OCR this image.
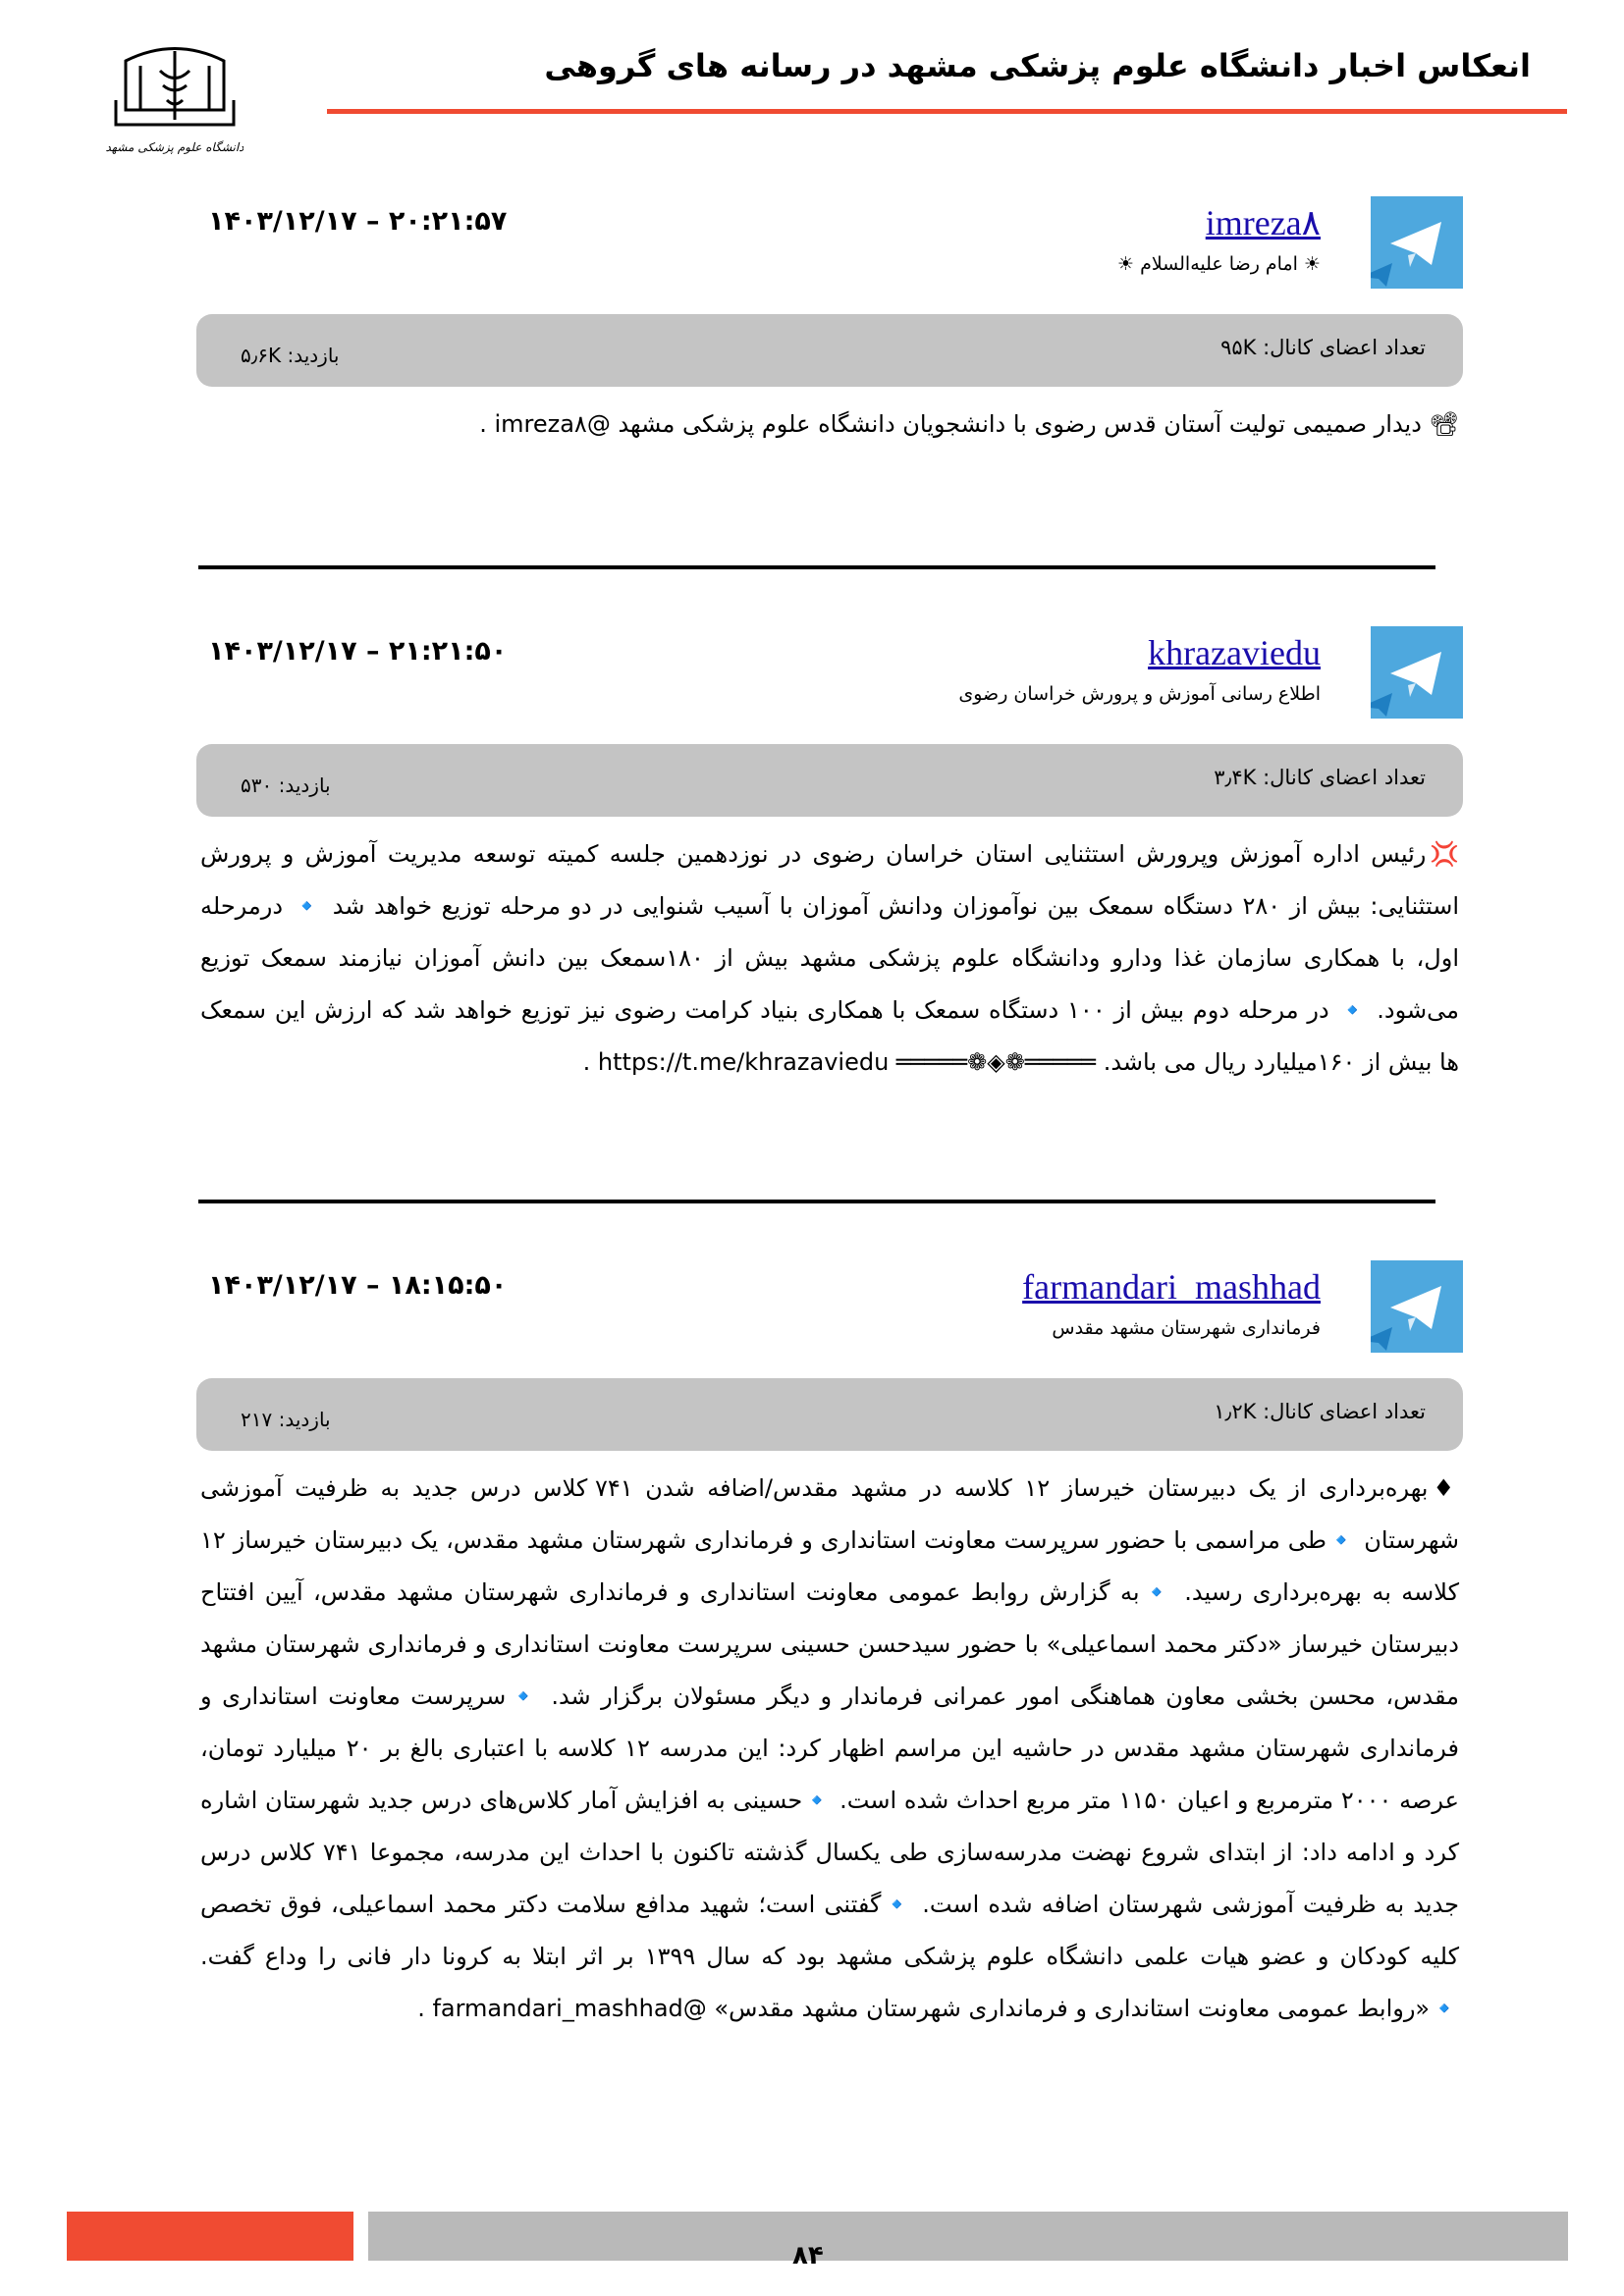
دانشگاه علوم پزشکی مشهد
انعکاس اخبار دانشگاه علوم پزشکی مشهد در رسانه های گروهی
imreza۸
☀ امام رضا علیه‌السلام ☀
۱۴۰۳/۱۲/۱۷ – ۲۰:۲۱:۵۷
تعداد اعضای کانال: ۹۵K
بازدید: ۵٫۶K
📽 دیدار صمیمی تولیت آستان قدس رضوی با دانشجویان دانشگاه علوم پزشکی مشهد @imreza۸ .
khrazaviedu
اطلاع رسانی آموزش و پرورش خراسان رضوی
۱۴۰۳/۱۲/۱۷ – ۲۱:۲۱:۵۰
تعداد اعضای کانال: ۳٫۴K
بازدید: ۵۳۰
💢رئیس اداره آموزش وپرورش استثنایی استان خراسان رضوی در نوزدهمین جلسه کمیته توسعه مدیریت آموزش و پرورش استثنایی: بیش از ۲۸۰ دستگاه سمعک بین نوآموزان ودانش آموزان با آسیب شنوایی در دو مرحله توزیع خواهد شد 🔹 درمرحله اول، با همکاری سازمان غذا ودارو ودانشگاه علوم پزشکی مشهد بیش از ۱۸۰سمعک بین دانش آموزان نیازمند سمعک توزیع می‌شود. 🔹 در مرحله دوم بیش از ۱۰۰ دستگاه سمعک با همکاری بنیاد کرامت رضوی نیز توزیع خواهد شد که ارزش این سمعک ها بیش از ۱۶۰میلیارد ریال می باشد. ═════❁◈❁═════ https://t.me/khrazaviedu .
farmandari_mashhad
فرمانداری شهرستان مشهد مقدس
۱۴۰۳/۱۲/۱۷ – ۱۸:۱۵:۵۰
تعداد اعضای کانال: ۱٫۲K
بازدید: ۲۱۷
♦بهره‌برداری از یک دبیرستان خیرساز ۱۲ کلاسه در مشهد مقدس/اضافه شدن ۷۴۱ کلاس درس جدید به ظرفیت آموزشی شهرستان 🔹طی مراسمی با حضور سرپرست معاونت استانداری و فرمانداری شهرستان مشهد مقدس، یک دبیرستان خیرساز ۱۲ کلاسه به بهره‌برداری رسید. 🔹به گزارش روابط عمومی معاونت استانداری و فرمانداری شهرستان مشهد مقدس، آیین افتتاح دبیرستان خیرساز «دکتر محمد اسماعیلی» با حضور سیدحسن حسینی سرپرست معاونت استانداری و فرمانداری شهرستان مشهد مقدس، محسن بخشی معاون هماهنگی امور عمرانی فرماندار و دیگر مسئولان برگزار شد. 🔹سرپرست معاونت استانداری و فرمانداری شهرستان مشهد مقدس در حاشیه این مراسم اظهار کرد: این مدرسه ۱۲ کلاسه با اعتباری بالغ بر ۲۰ میلیارد تومان، عرصه ۲۰۰۰ مترمربع و اعیان ۱۱۵۰ متر مربع احداث شده است. 🔹حسینی به افزایش آمار کلاس‌های درس جدید شهرستان اشاره کرد و ادامه داد: از ابتدای شروع نهضت مدرسه‌سازی طی یکسال گذشته تاکنون با احداث این مدرسه، مجموعا ۷۴۱ کلاس درس جدید به ظرفیت آموزشی شهرستان اضافه شده است. 🔹گفتنی است؛ شهید مدافع سلامت دکتر محمد اسماعیلی، فوق تخصص کلیه کودکان و عضو هیات علمی دانشگاه علوم پزشکی مشهد بود که سال ۱۳۹۹ بر اثر ابتلا به کرونا دار فانی را وداع گفت. 🔹«روابط عمومی معاونت استانداری و فرمانداری شهرستان مشهد مقدس» @farmandari_mashhad .
۸۴
